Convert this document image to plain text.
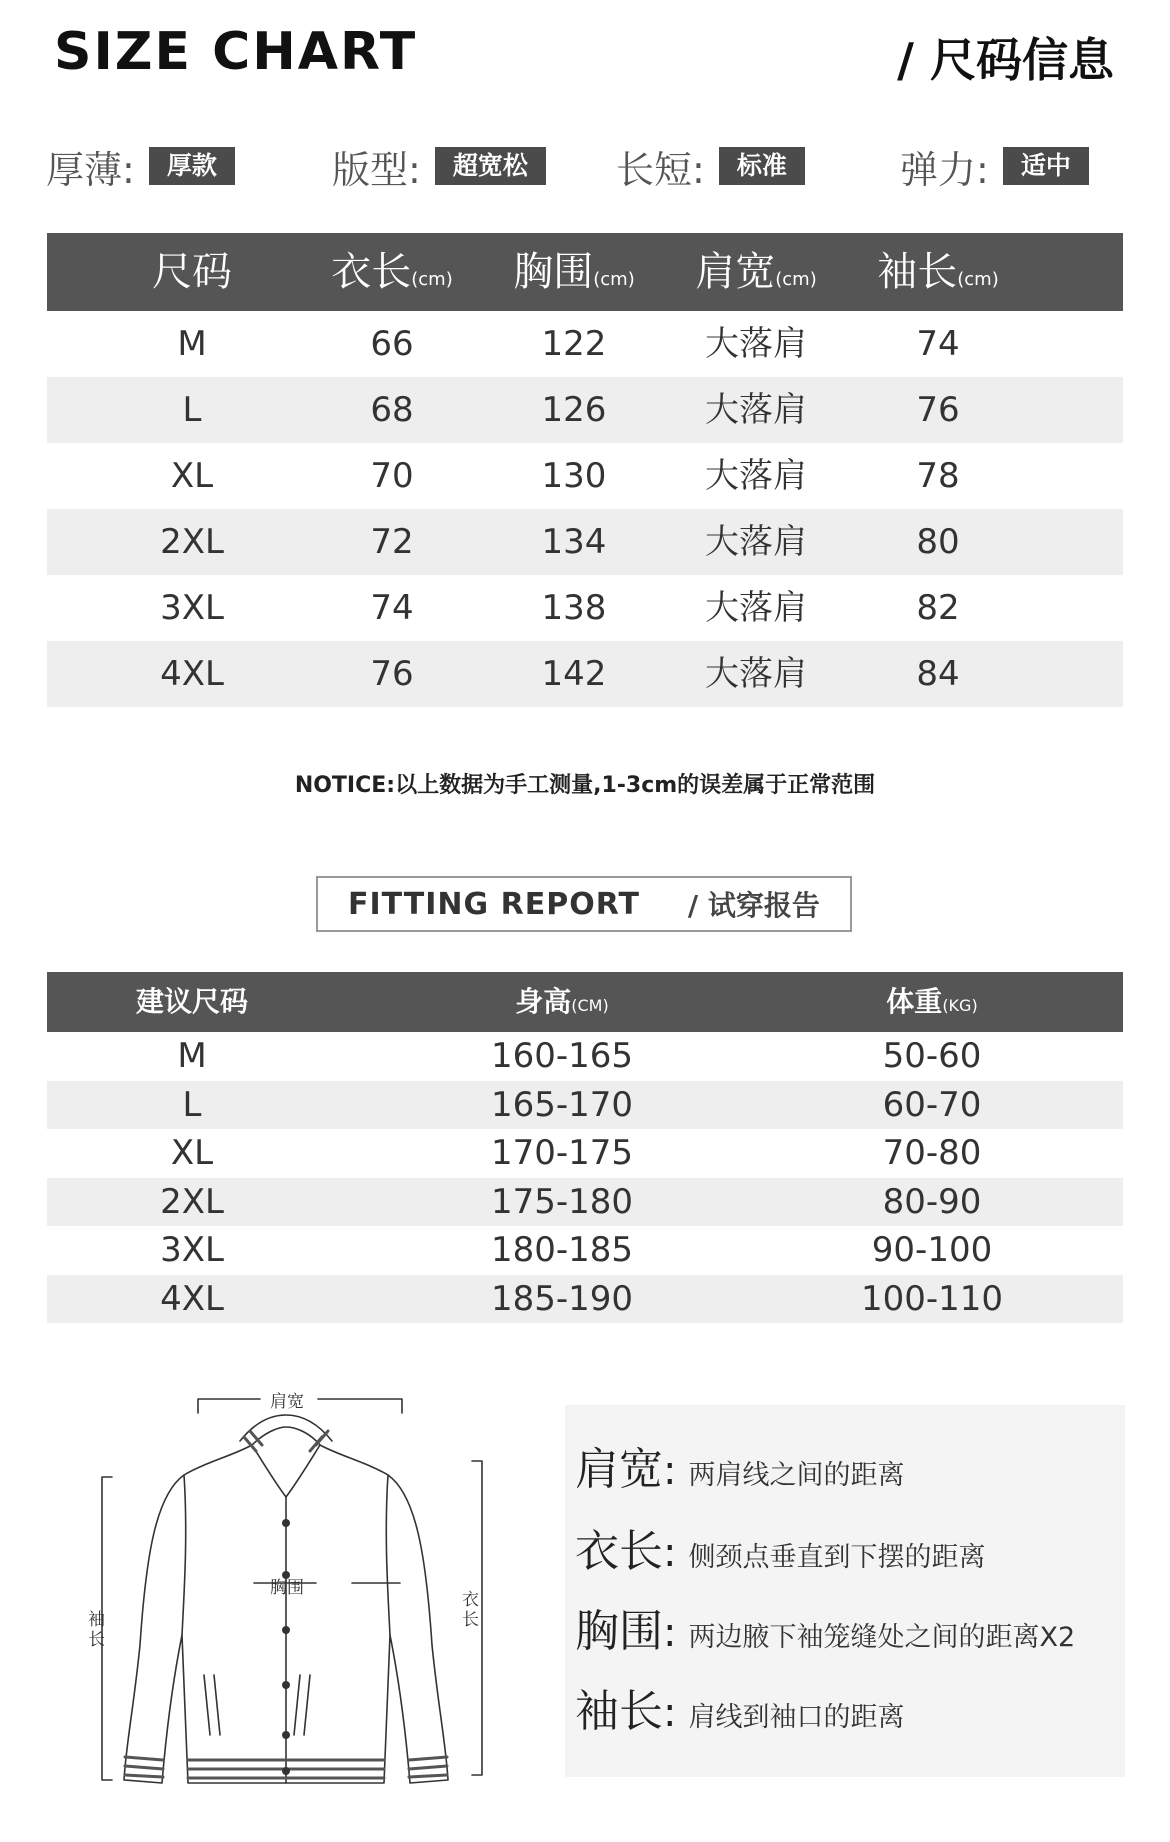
SIZE CHART	/ 尺码信息
厚薄:	厚款	版型:	超宽松	长短:	标准	弹力:	适中
尺码	衣长(cm)	胸围(cm)	肩宽(cm)	袖长(cm)
M	66	122	大落肩	74
L	68	126	大落肩	76
XL	70	130	大落肩	78
2XL	72	134	大落肩	80
3XL	74	138	大落肩	82
4XL	76	142	大落肩	84
NOTICE:以上数据为手工测量,1-3cm的误差属于正常范围
FITTING REPORT / 试穿报告
建议尺码	身高(CM)	体重(KG)
M	160-165	50-60
L	165-170	60-70
XL	170-175	70-80
2XL	175-180	80-90
3XL	180-185	90-100
4XL	185-190	100-110
肩宽
胸围
袖长
衣长
肩宽 : 两肩线之间的距离
衣长 : 侧颈点垂直到下摆的距离
胸围 : 两边腋下袖笼缝处之间的距离X2
袖长 : 肩线到袖口的距离
